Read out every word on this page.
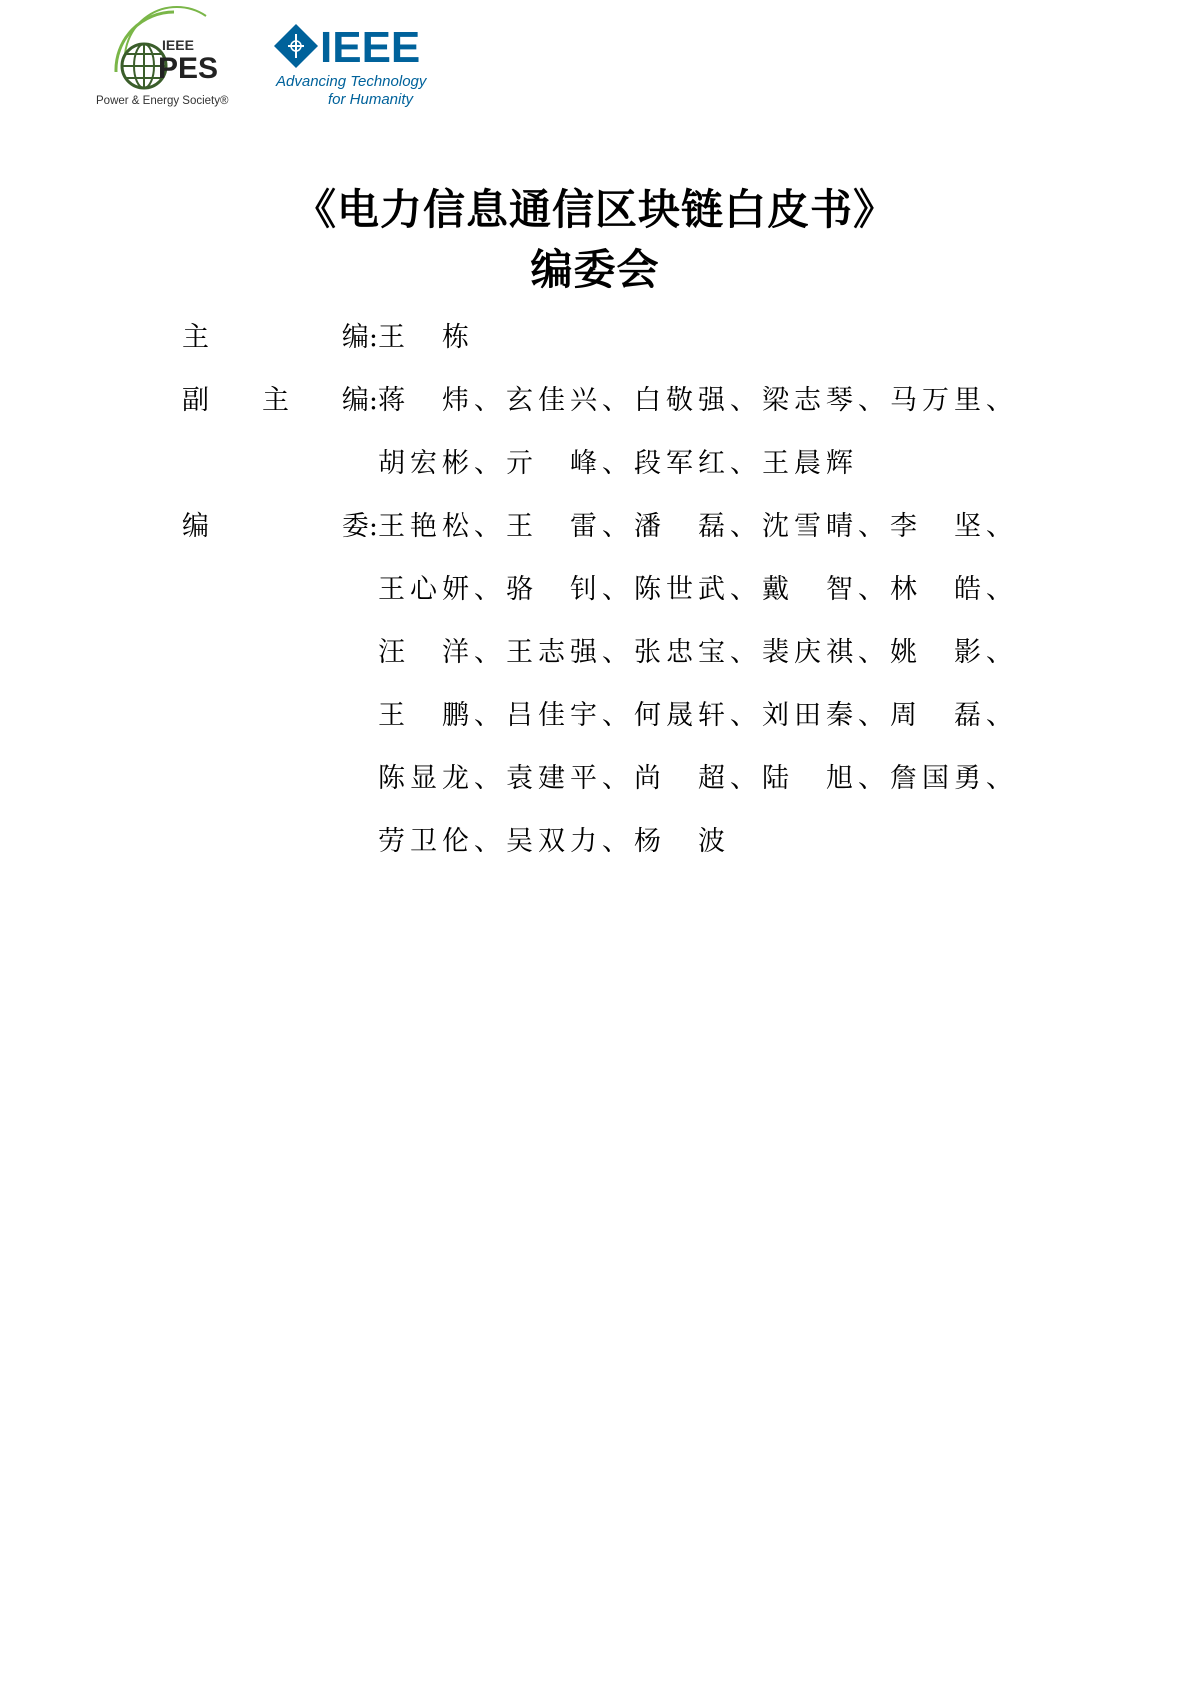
IEEE
PES
Power & Energy Society®
IEEE
Advancing Technology
for Humanity
《电力信息通信区块链白皮书》
编委会
主	编: 王　栋
副 主 编: 蒋　炜、玄佳兴、白敬强、梁志琴、马万里、
胡宏彬、亓　峰、段军红、王晨辉
编	委: 王艳松、王　雷、潘　磊、沈雪晴、李　坚、
王心妍、骆　钊、陈世武、戴　智、林　皓、
汪　洋、王志强、张忠宝、裴庆祺、姚　影、
王　鹏、吕佳宇、何晟轩、刘田秦、周　磊、
陈显龙、袁建平、尚　超、陆　旭、詹国勇、
劳卫伦、吴双力、杨　波
